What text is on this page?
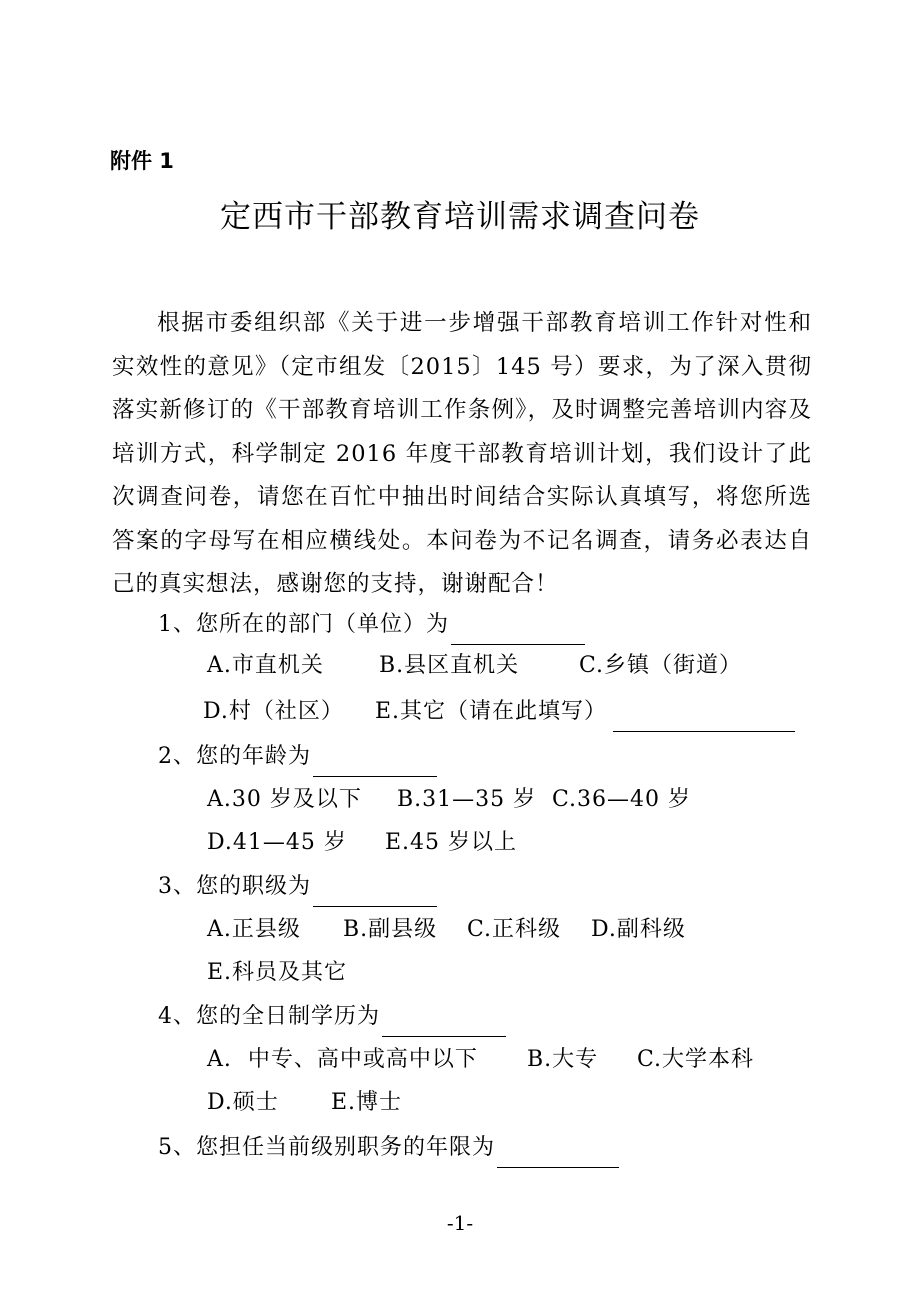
附件 1
定西市干部教育培训需求调查问卷
根据市委组织部《关于进一步增强干部教育培训工作针对性和实效性的意见》（定市组发〔2015〕145 号）要求，为了深入贯彻落实新修订的《干部教育培训工作条例》，及时调整完善培训内容及培训方式，科学制定 2016 年度干部教育培训计划，我们设计了此次调查问卷，请您在百忙中抽出时间结合实际认真填写，将您所选答案的字母写在相应横线处。本问卷为不记名调查，请务必表达自己的真实想法，感谢您的支持，谢谢配合！
1、您所在的部门（单位）为
A.市直机关	B.县区直机关	C.乡镇（街道）
D.村（社区） E.其它（请在此填写）
2、您的年龄为
A.30 岁及以下 B.31—35 岁 C.36—40 岁
D.41—45 岁 E.45 岁以上
3、您的职级为
A.正县级 B.副县级 C.正科级 D.副科级
E.科员及其它
4、您的全日制学历为
A.  中专、高中或高中以下 B.大专 C.大学本科
D.硕士 E.博士
5、您担任当前级别职务的年限为
-1-
